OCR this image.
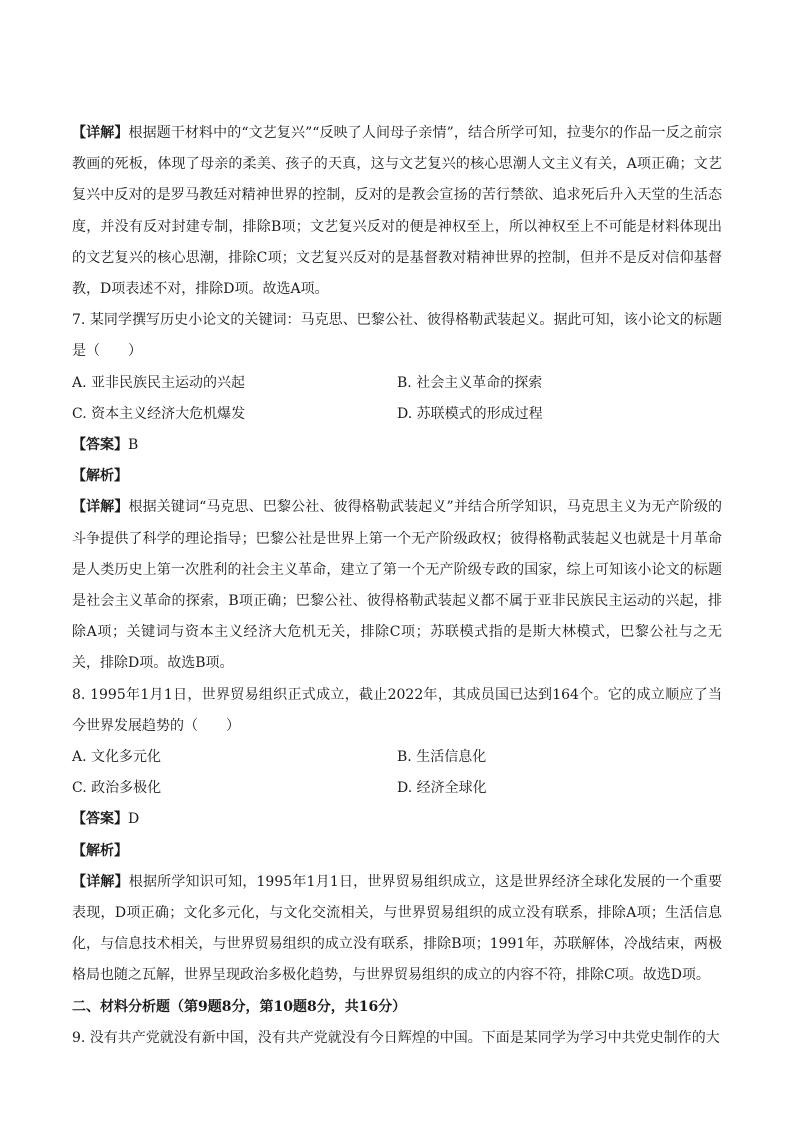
【详解】根据题干材料中的“文艺复兴”“反映了人间母子亲情”，结合所学可知，拉斐尔的作品一反之前宗教画的死板，体现了母亲的柔美、孩子的天真，这与文艺复兴的核心思潮人文主义有关，A项正确；文艺复兴中反对的是罗马教廷对精神世界的控制，反对的是教会宣扬的苦行禁欲、追求死后升入天堂的生活态度，并没有反对封建专制，排除B项；文艺复兴反对的便是神权至上，所以神权至上不可能是材料体现出的文艺复兴的核心思潮，排除C项；文艺复兴反对的是基督教对精神世界的控制，但并不是反对信仰基督教，D项表述不对，排除D项。故选A项。

7. 某同学撰写历史小论文的关键词：马克思、巴黎公社、彼得格勒武装起义。据此可知，该小论文的标题是（　　）

A. 亚非民族民主运动的兴起	B. 社会主义革命的探索
C. 资本主义经济大危机爆发	D. 苏联模式的形成过程

【答案】B

【解析】

【详解】根据关键词“马克思、巴黎公社、彼得格勒武装起义”并结合所学知识，马克思主义为无产阶级的斗争提供了科学的理论指导；巴黎公社是世界上第一个无产阶级政权；彼得格勒武装起义也就是十月革命是人类历史上第一次胜利的社会主义革命，建立了第一个无产阶级专政的国家，综上可知该小论文的标题是社会主义革命的探索，B项正确；巴黎公社、彼得格勒武装起义都不属于亚非民族民主运动的兴起，排除A项；关键词与资本主义经济大危机无关，排除C项；苏联模式指的是斯大林模式，巴黎公社与之无关，排除D项。故选B项。

8. 1995年1月1日，世界贸易组织正式成立，截止2022年，其成员国已达到164个。它的成立顺应了当今世界发展趋势的（　　）

A. 文化多元化	B. 生活信息化
C. 政治多极化	D. 经济全球化

【答案】D

【解析】

【详解】根据所学知识可知，1995年1月1日，世界贸易组织成立，这是世界经济全球化发展的一个重要表现，D项正确；文化多元化，与文化交流相关，与世界贸易组织的成立没有联系，排除A项；生活信息化，与信息技术相关，与世界贸易组织的成立没有联系，排除B项；1991年，苏联解体，冷战结束，两极格局也随之瓦解，世界呈现政治多极化趋势，与世界贸易组织的成立的内容不符，排除C项。故选D项。

二、材料分析题（第9题8分，第10题8分，共16分）

9. 没有共产党就没有新中国，没有共产党就没有今日辉煌的中国。下面是某同学为学习中共党史制作的大
